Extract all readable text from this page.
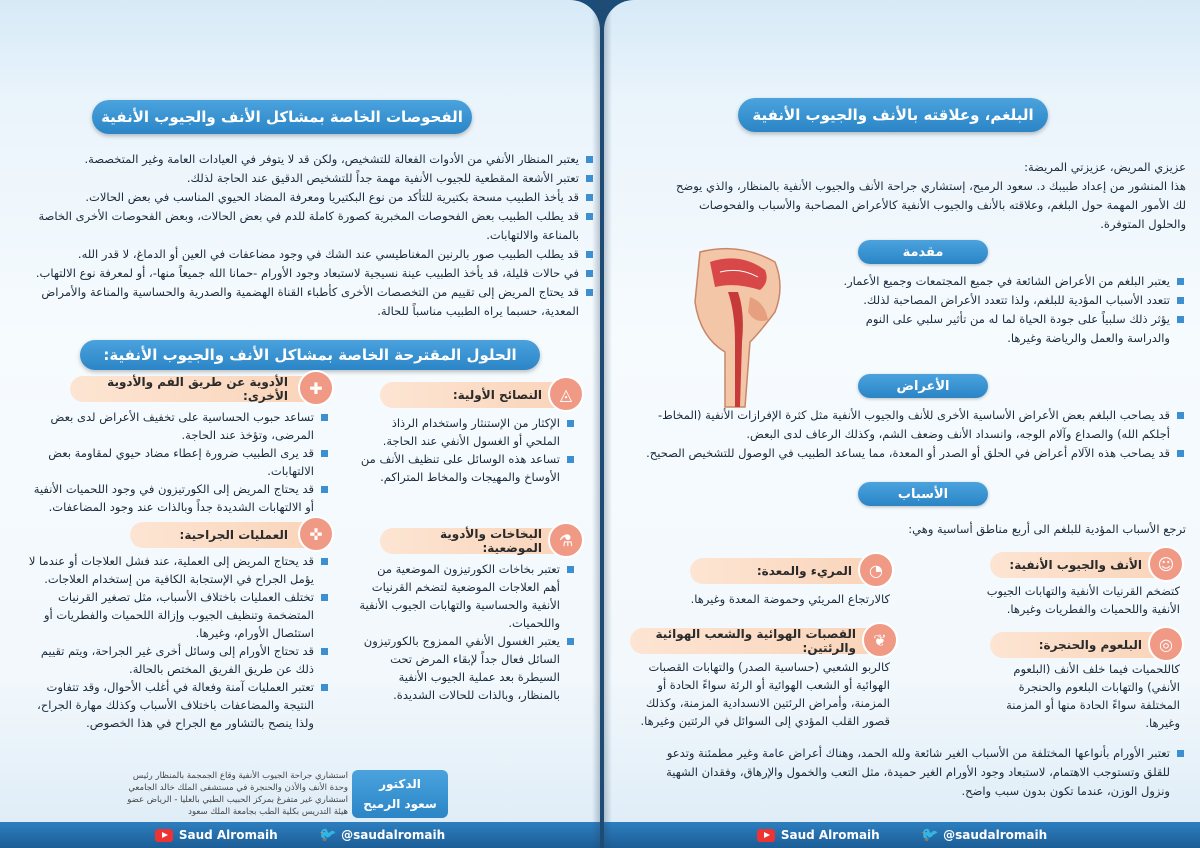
الفحوصات الخاصة بمشاكل الأنف والجيوب الأنفية
يعتبر المنظار الأنفي من الأدوات الفعالة للتشخيص، ولكن قد لا يتوفر في العيادات العامة وغير المتخصصة.
تعتبر الأشعة المقطعية للجيوب الأنفية مهمة جداً للتشخيص الدقيق عند الحاجة لذلك.
قد يأخذ الطبيب مسحة بكتيرية للتأكد من نوع البكتيريا ومعرفة المضاد الحيوي المناسب في بعض الحالات.
قد يطلب الطبيب بعض الفحوصات المخبرية كصورة كاملة للدم في بعض الحالات، وبعض الفحوصات الأخرى الخاصة بالمناعة والالتهابات.
قد يطلب الطبيب صور بالرنين المغناطيسي عند الشك في وجود مضاعفات في العين أو الدماغ، لا قدر الله.
في حالات قليلة، قد يأخذ الطبيب عينة نسيجية لاستبعاد وجود الأورام -حمانا الله جميعاً منها-، أو لمعرفة نوع الالتهاب.
قد يحتاج المريض إلى تقييم من التخصصات الأخرى كأطباء القناة الهضمية والصدرية والحساسية والمناعة والأمراض المعدية، حسبما يراه الطبيب مناسباً للحالة.
الحلول المقترحة الخاصة بمشاكل الأنف والجيوب الأنفية:
◬
النصائح الأولية:
الإكثار من الإستنثار واستخدام الرذاذ الملحي أو الغسول الأنفي عند الحاجة.
تساعد هذه الوسائل على تنظيف الأنف من الأوساخ والمهيجات والمخاط المتراكم.
⚗
البخاخات والأدوية الموضعية:
تعتبر بخاخات الكورتيزون الموضعية من أهم العلاجات الموضعية لتضخم القرنيات الأنفية والحساسية والتهابات الجيوب الأنفية واللحميات.
يعتبر الغسول الأنفي الممزوج بالكورتيزون السائل فعال جداً لإبقاء المرض تحت السيطرة بعد عملية الجيوب الأنفية بالمنظار، وبالذات للحالات الشديدة.
✚
الأدوية عن طريق الفم والأدوية الأخرى:
تساعد حبوب الحساسية على تخفيف الأعراض لدى بعض المرضى، وتؤخذ عند الحاجة.
قد يرى الطبيب ضرورة إعطاء مضاد حيوي لمقاومة بعض الالتهابات.
قد يحتاج المريض إلى الكورتيزون في وجود اللحميات الأنفية أو الالتهابات الشديدة جداً وبالذات عند وجود المضاعفات.
✜
العمليات الجراحية:
قد يحتاج المريض إلى العملية، عند فشل العلاجات أو عندما لا يؤمل الجراح في الإستجابة الكافية من إستخدام العلاجات.
تختلف العمليات باختلاف الأسباب، مثل تصغير القرنيات المتضخمة وتنظيف الجيوب وإزالة اللحميات والفطريات أو استئصال الأورام، وغيرها.
قد تحتاج الأورام إلى وسائل أخرى غير الجراحة، ويتم تقييم ذلك عن طريق الفريق المختص بالحالة.
تعتبر العمليات آمنة وفعالة في أغلب الأحوال، وقد تتفاوت النتيجة والمضاعفات باختلاف الأسباب وكذلك مهارة الجراح، ولذا ينصح بالتشاور مع الجراح في هذا الخصوص.
الدكتور
سعود الرميح
استشاري جراحة الجيوب الأنفية وقاع الجمجمة بالمنظار رئيس وحدة الأنف والأذن والحنجرة في مستشفى الملك خالد الجامعي استشاري غير متفرغ بمركز الحبيب الطبي بالعليا - الرياض عضو هيئة التدريس بكلية الطب بجامعة الملك سعود
Saud Alromaih	🐦 @saudalromaih
البلغم، وعلاقته بالأنف والجيوب الأنفية
عزيزي المريض، عزيزتي المريضة:
هذا المنشور من إعداد طبيبك د. سعود الرميح، إستشاري جراحة الأنف والجيوب الأنفية بالمنظار، والذي يوضح لك الأمور المهمة حول البلغم، وعلاقته بالأنف والجيوب الأنفية كالأعراض المصاحبة والأسباب والفحوصات والحلول المتوفرة.
مقدمة
يعتبر البلغم من الأعراض الشائعة في جميع المجتمعات وجميع الأعمار.
تتعدد الأسباب المؤدية للبلغم، ولذا تتعدد الأعراض المصاحبة لذلك.
يؤثر ذلك سلبياً على جودة الحياة لما له من تأثير سلبي على النوم والدراسة والعمل والرياضة وغيرها.
الأعراض
قد يصاحب البلغم بعض الأعراض الأساسية الأخرى للأنف والجيوب الأنفية مثل كثرة الإفرازات الأنفية (المخاط- أجلكم الله) والصداع وآلام الوجه، وانسداد الأنف وضعف الشم، وكذلك الرعاف لدى البعض.
قد يصاحب هذه الآلام أعراض في الحلق أو الصدر أو المعدة، مما يساعد الطبيب في الوصول للتشخيص الصحيح.
الأسباب
ترجع الأسباب المؤدية للبلغم الى أربع مناطق أساسية وهي:
☺
الأنف والجيوب الأنفية:
كتضخم القرنيات الأنفية والتهابات الجيوب الأنفية واللحميات والفطريات وغيرها.
◔
المريء والمعدة:
كالارتجاع المريئي وحموضة المعدة وغيرها.
◎
البلعوم والحنجرة:
كاللحميات فيما خلف الأنف (البلعوم الأنفي) والتهابات البلعوم والحنجرة المختلفة سواءً الحادة منها أو المزمنة وغيرها.
❦
القصبات الهوائية والشعب الهوائية والرئتين:
كالربو الشعبي (حساسية الصدر) والتهابات القصبات الهوائية أو الشعب الهوائية أو الرئة سواءً الحادة أو المزمنة، وأمراض الرئتين الانسدادية المزمنة، وكذلك قصور القلب المؤدي إلى السوائل في الرئتين وغيرها.
تعتبر الأورام بأنواعها المختلفة من الأسباب الغير شائعة ولله الحمد، وهناك أعراض عامة وغير مطمئنة وتدعو للقلق وتستوجب الاهتمام، لاستبعاد وجود الأورام الغير حميدة، مثل التعب والخمول والإرهاق، وفقدان الشهية ونزول الوزن، عندما تكون بدون سبب واضح.
Saud Alromaih	🐦 @saudalromaih
